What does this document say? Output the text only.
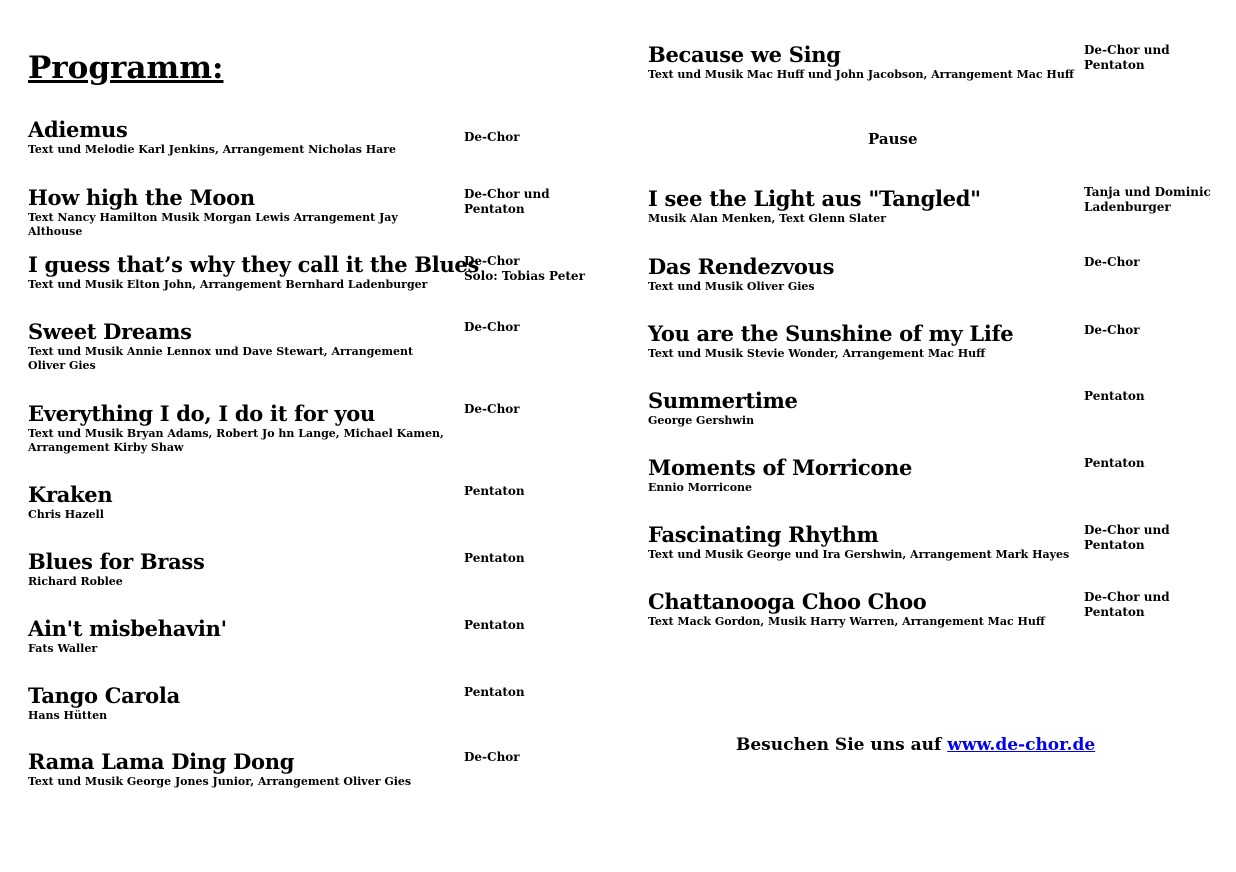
Programm:
Adiemus
Text und Melodie Karl Jenkins, Arrangement Nicholas Hare
De-Chor
How high the Moon
Text Nancy Hamilton Musik Morgan Lewis Arrangement Jay Althouse
De-Chor und
Pentaton
I guess that’s why they call it the Blues
Text und Musik Elton John, Arrangement Bernhard Ladenburger
De-Chor
Solo: Tobias Peter
Sweet Dreams
Text und Musik Annie Lennox und Dave Stewart, Arrangement Oliver Gies
De-Chor
Everything I do, I do it for you
Text und Musik Bryan Adams, Robert Jo hn Lange, Michael Kamen, Arrangement Kirby Shaw
De-Chor
Kraken
Chris Hazell
Pentaton
Blues for Brass
Richard Roblee
Pentaton
Ain't misbehavin'
Fats Waller
Pentaton
Tango Carola
Hans Hütten
Pentaton
Rama Lama Ding Dong
Text und Musik George Jones Junior, Arrangement Oliver Gies
De-Chor
Because we Sing
Text und Musik Mac Huff und John Jacobson, Arrangement Mac Huff
De-Chor und
Pentaton
Pause
I see the Light aus "Tangled"
Musik Alan Menken, Text Glenn Slater
Tanja und Dominic
Ladenburger
Das Rendezvous
Text und Musik Oliver Gies
De-Chor
You are the Sunshine of my Life
Text und Musik Stevie Wonder, Arrangement Mac Huff
De-Chor
Summertime
George Gershwin
Pentaton
Moments of Morricone
Ennio Morricone
Pentaton
Fascinating Rhythm
Text und Musik George und Ira Gershwin, Arrangement Mark Hayes
De-Chor und
Pentaton
Chattanooga Choo Choo
Text Mack Gordon, Musik Harry Warren, Arrangement Mac Huff
De-Chor und
Pentaton
Besuchen Sie uns auf www.de-chor.de
